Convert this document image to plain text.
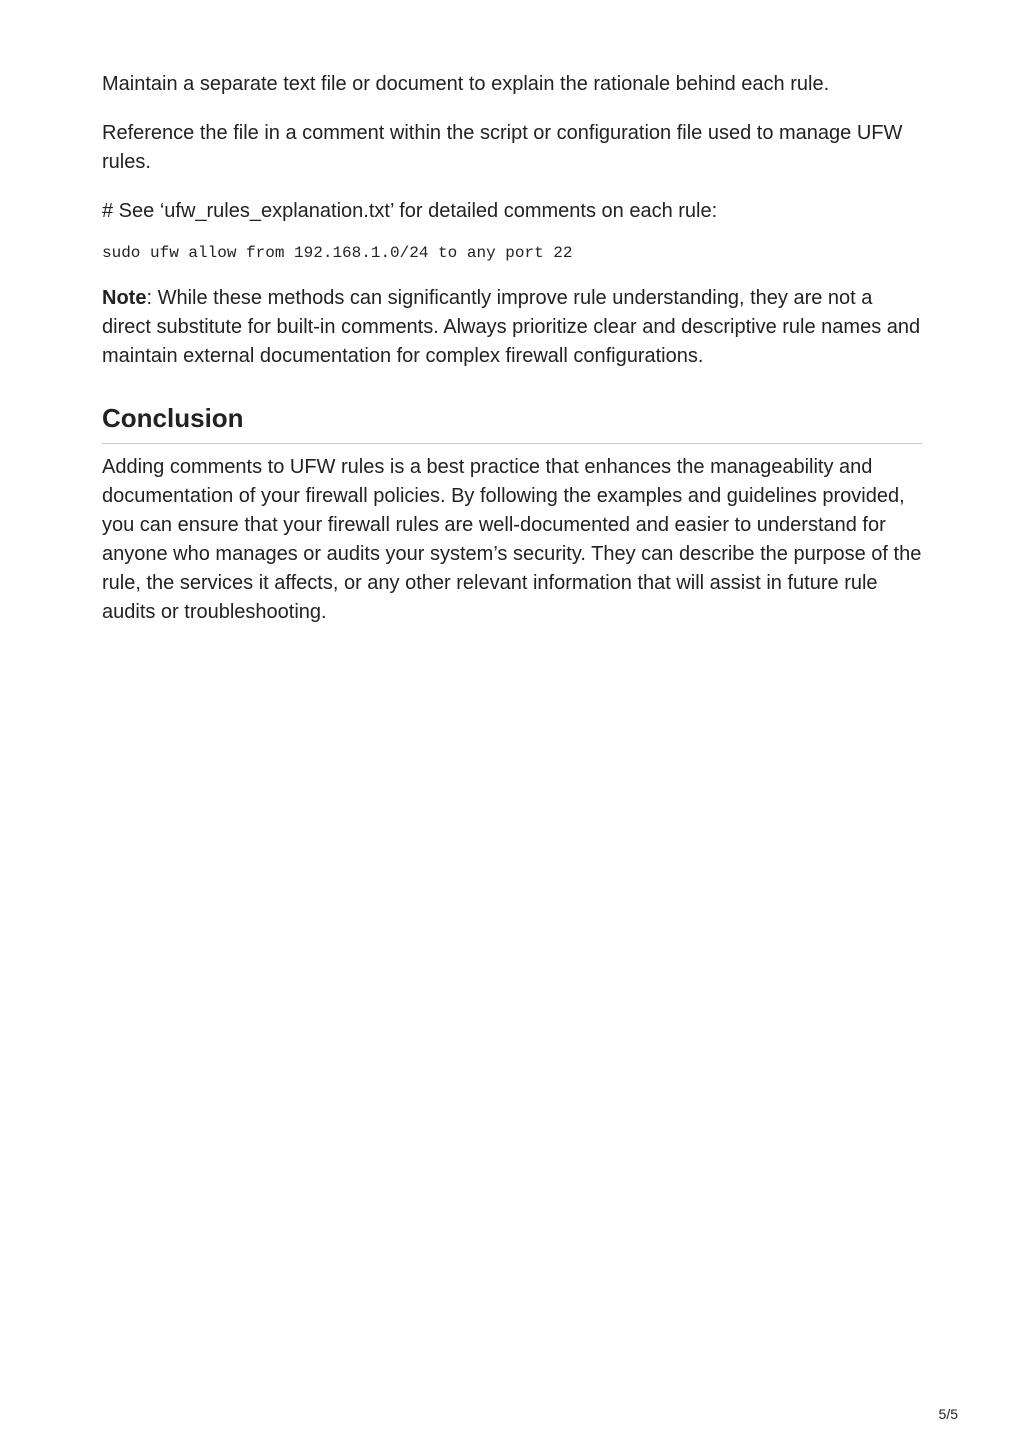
Maintain a separate text file or document to explain the rationale behind each rule.

Reference the file in a comment within the script or configuration file used to manage UFW rules.

# See ‘ufw_rules_explanation.txt’ for detailed comments on each rule:

sudo ufw allow from 192.168.1.0/24 to any port 22

Note: While these methods can significantly improve rule understanding, they are not a direct substitute for built-in comments. Always prioritize clear and descriptive rule names and maintain external documentation for complex firewall configurations.

Conclusion

Adding comments to UFW rules is a best practice that enhances the manageability and documentation of your firewall policies. By following the examples and guidelines provided, you can ensure that your firewall rules are well-documented and easier to understand for anyone who manages or audits your system’s security. They can describe the purpose of the rule, the services it affects, or any other relevant information that will assist in future rule audits or troubleshooting.

5/5
